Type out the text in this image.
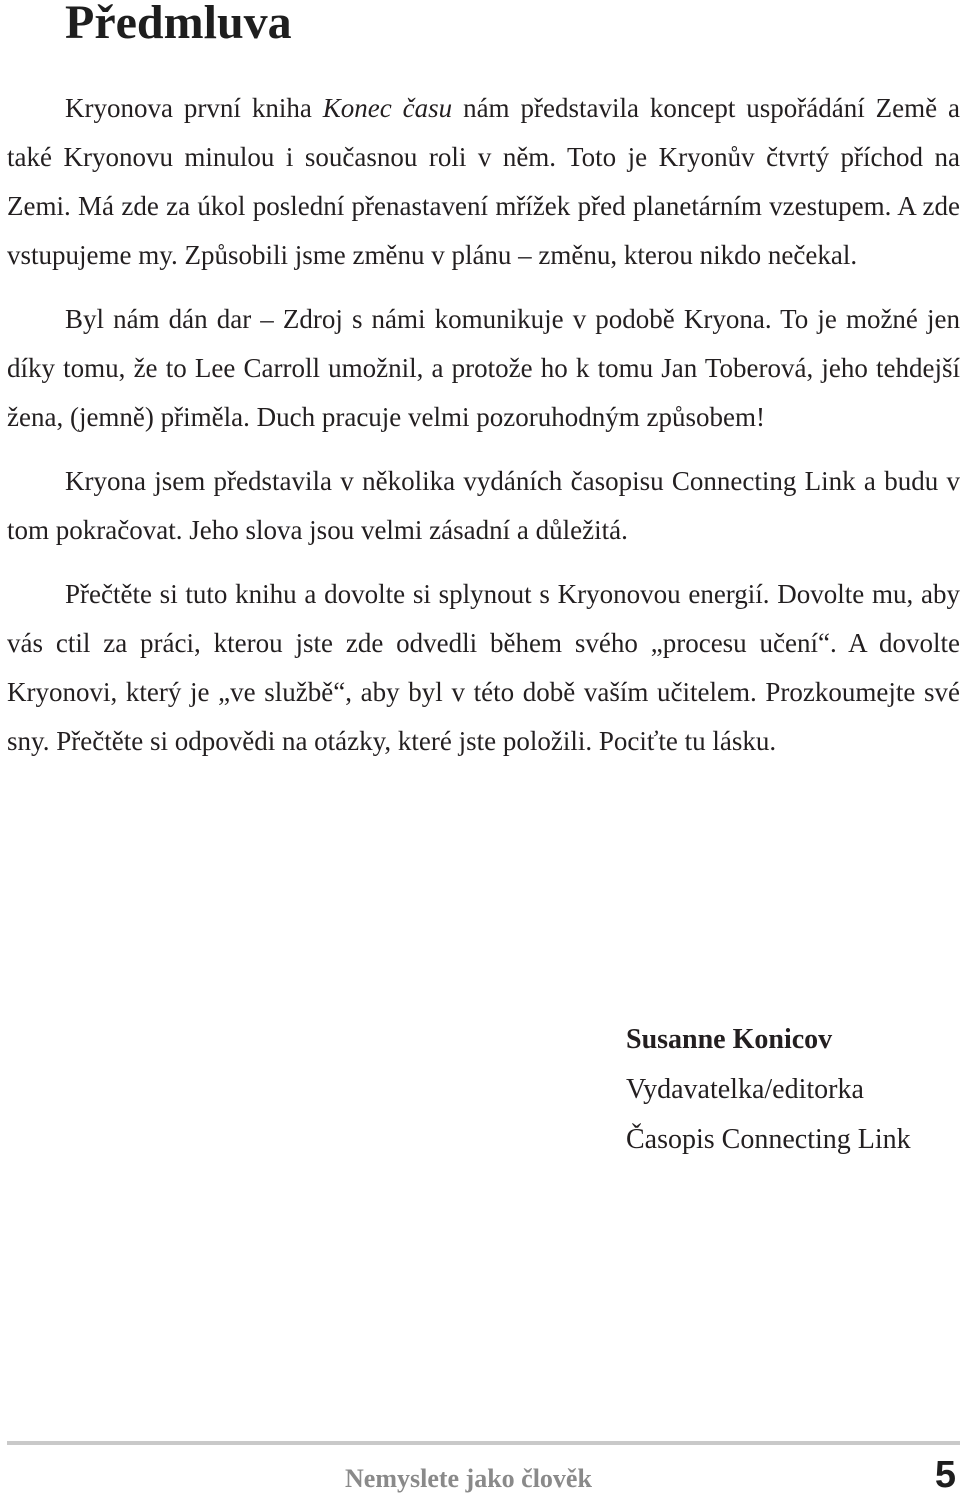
Předmluva

Kryonova první kniha Konec času nám představila koncept uspořádání Země a také Kryonovu minulou i současnou roli v něm. Toto je Kryonův čtvrtý příchod na Zemi. Má zde za úkol poslední přenastavení mřížek před planetárním vzestupem. A zde vstupujeme my. Způsobili jsme změnu v plánu – změnu, kterou nikdo nečekal.

Byl nám dán dar – Zdroj s námi komunikuje v podobě Kryona. To je možné jen díky tomu, že to Lee Carroll umožnil, a protože ho k tomu Jan Toberová, jeho tehdejší žena, (jemně) přiměla. Duch pracuje velmi pozoruhodným způsobem!

Kryona jsem představila v několika vydáních časopisu Connecting Link a budu v tom pokračovat. Jeho slova jsou velmi zásadní a důležitá.

Přečtěte si tuto knihu a dovolte si splynout s Kryonovou energií. Dovolte mu, aby vás ctil za práci, kterou jste zde odvedli během svého „procesu učení“. A dovolte Kryonovi, který je „ve službě“, aby byl v této době vaším učitelem. Prozkoumejte své sny. Přečtěte si odpovědi na otázky, které jste položili. Pociťte tu lásku.

Susanne Konicov
Vydavatelka/editorka
Časopis Connecting Link
Nemyslete jako člověk	5
